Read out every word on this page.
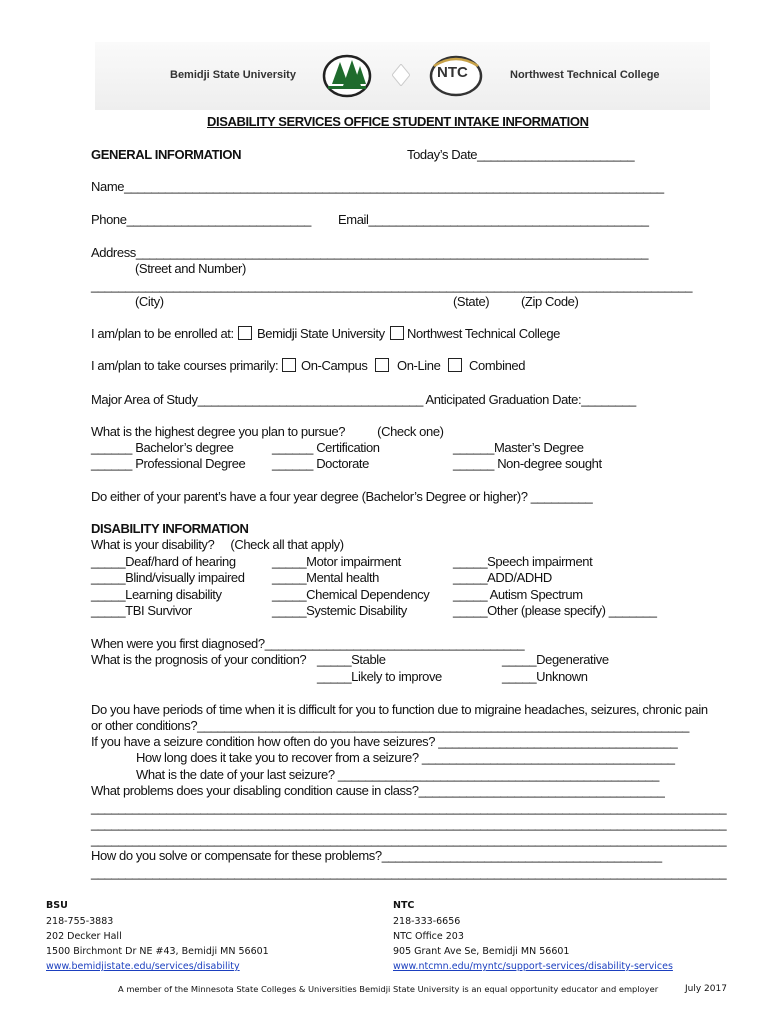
Bemidji State University	NTC	Northwest Technical College
DISABILITY SERVICES OFFICE STUDENT INTAKE INFORMATION
GENERAL INFORMATION	Today’s Date_______________________
Name_______________________________________________________________________________
Phone___________________________ Email_________________________________________
Address___________________________________________________________________________
(Street and Number)
________________________________________________________________________________________
(City)	(State) (Zip Code)
I am/plan to be enrolled at: Bemidji State University Northwest Technical College
I am/plan to take courses primarily: On-Campus On-Line Combined
Major Area of Study_________________________________ Anticipated Graduation Date:________
What is the highest degree you plan to pursue?          (Check one)
______ Bachelor’s degree	______ Certification	______Master’s Degree
______ Professional Degree ______ Doctorate	______ Non-degree sought
Do either of your parent’s have a four year degree (Bachelor’s Degree or higher)? _________
DISABILITY INFORMATION
What is your disability?     (Check all that apply)
_____Deaf/hard of hearing	_____Motor impairment	_____Speech impairment
_____Blind/visually impaired _____Mental health	_____ADD/ADHD
_____Learning disability	_____Chemical Dependency _____ Autism Spectrum
_____TBI Survivor	_____Systemic Disability	_____Other (please specify) _______
When were you first diagnosed?______________________________________
What is the prognosis of your condition? _____Stable	_____Degenerative
_____Likely to improve	_____Unknown
Do you have periods of time when it is difficult for you to function due to migraine headaches, seizures, chronic pain
or other conditions?________________________________________________________________________
If you have a seizure condition how often do you have seizures? ___________________________________
How long does it take you to recover from a seizure? _____________________________________
What is the date of your last seizure? _______________________________________________
What problems does your disabling condition cause in class?____________________________________
_____________________________________________________________________________________________
_____________________________________________________________________________________________
_____________________________________________________________________________________________
How do you solve or compensate for these problems?_________________________________________
_____________________________________________________________________________________________
BSU
218-755-3883
202 Decker Hall
1500 Birchmont Dr NE #43, Bemidji MN 56601
www.bemidjistate.edu/services/disability
NTC
218-333-6656
NTC Office 203
905 Grant Ave Se, Bemidji MN 56601
www.ntcmn.edu/myntc/support-services/disability-services
A member of the Minnesota State Colleges & Universities Bemidji State University is an equal opportunity educator and employer	July 2017
